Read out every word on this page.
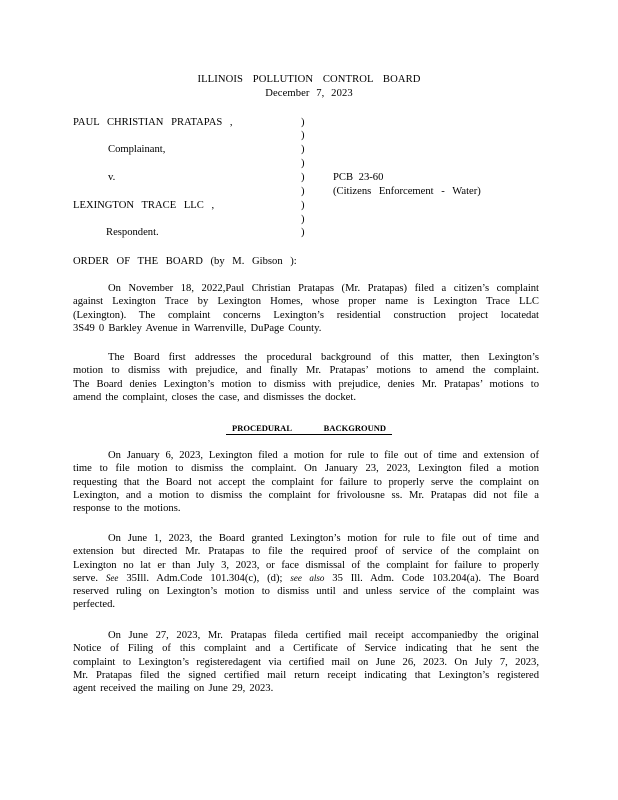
ILLINOIS POLLUTION CONTROL BOARD
December 7, 2023
PAUL CHRISTIAN PRATAPAS ,
Complainant,
v.
LEXINGTON TRACE LLC ,
Respondent.
)
)
)
)
)
)
)
)
)
PCB 23-60
(Citizens Enforcement - Water)
ORDER OF THE BOARD (by M. Gibson ):
On November 18, 2022,Paul Christian Pratapas (Mr. Pratapas) filed a citizen’s complaint
against Lexington Trace by Lexington Homes, whose proper name is Lexington Trace LLC
(Lexington). The complaint concerns Lexington’s residential construction project locatedat
3S49 0 Barkley Avenue in Warrenville, DuPage County.
The Board first addresses the procedural background of this matter, then Lexington’s
motion to dismiss with prejudice, and finally Mr. Pratapas’ motions to amend the complaint.
The Board denies Lexington’s motion to dismiss with prejudice, denies Mr. Pratapas’ motions to
amend the complaint, closes the case, and dismisses the docket.
PROCEDURAL BACKGROUND
On January 6, 2023, Lexington filed a motion for rule to file out of time and extension of
time to file motion to dismiss the complaint. On January 23, 2023, Lexington filed a motion
requesting that the Board not accept the complaint for failure to properly serve the complaint on
Lexington, and a motion to dismiss the complaint for frivolousne ss. Mr. Pratapas did not file a
response to the motions.
On June 1, 2023, the Board granted Lexington’s motion for rule to file out of time and
extension but directed Mr. Pratapas to file the required proof of service of the complaint on
Lexington no lat er than July 3, 2023, or face dismissal of the complaint for failure to properly
serve. See 35Ill. Adm.Code 101.304(c), (d); see also 35 Ill. Adm. Code 103.204(a). The Board
reserved ruling on Lexington’s motion to dismiss until and unless service of the complaint was
perfected.
On June 27, 2023, Mr. Pratapas fileda certified mail receipt accompaniedby the original
Notice of Filing of this complaint and a Certificate of Service indicating that he sent the
complaint to Lexington’s registeredagent via certified mail on June 26, 2023. On July 7, 2023,
Mr. Pratapas filed the signed certified mail return receipt indicating that Lexington’s registered
agent received the mailing on June 29, 2023.
